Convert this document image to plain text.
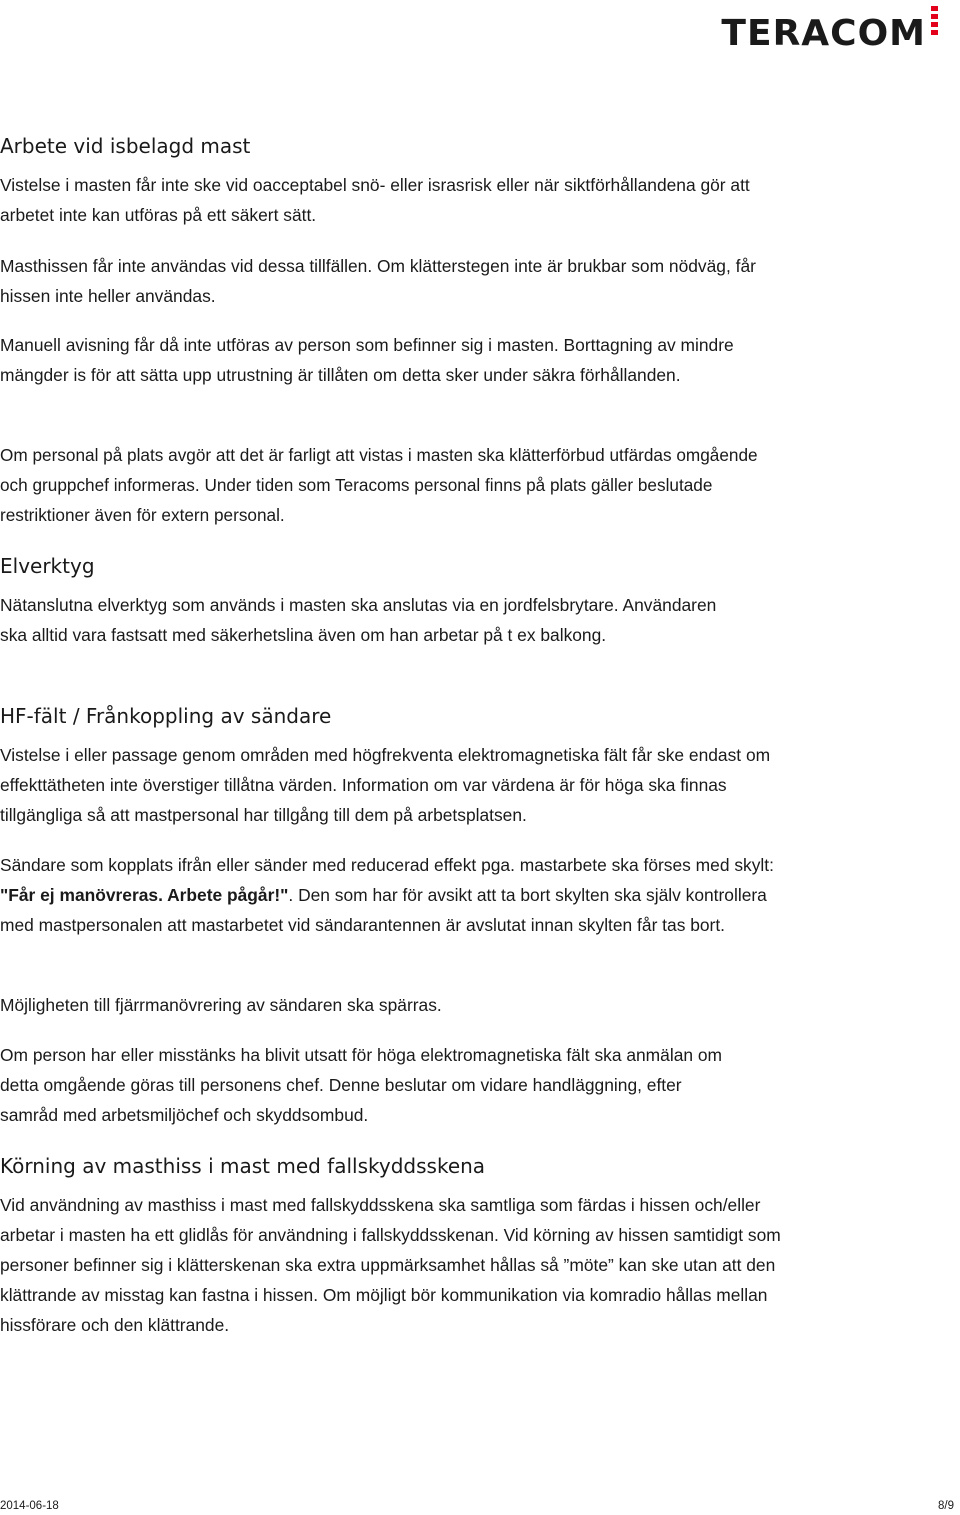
TERACOM
Arbete vid isbelagd mast

Vistelse i masten får inte ske vid oacceptabel snö- eller israsrisk eller när siktförhållandena gör att arbetet inte kan utföras på ett säkert sätt.

Masthissen får inte användas vid dessa tillfällen. Om klätterstegen inte är brukbar som nödväg, får hissen inte heller användas.

Manuell avisning får då inte utföras av person som befinner sig i masten. Borttagning av mindre mängder is för att sätta upp utrustning är tillåten om detta sker under säkra förhållanden.

Om personal på plats avgör att det är farligt att vistas i masten ska klätterförbud utfärdas omgående och gruppchef informeras. Under tiden som Teracoms personal finns på plats gäller beslutade restriktioner även för extern personal.

Elverktyg

Nätanslutna elverktyg som används i masten ska anslutas via en jordfelsbrytare. Användaren ska alltid vara fastsatt med säkerhetslina även om han arbetar på t ex balkong.

HF-fält / Frånkoppling av sändare

Vistelse i eller passage genom områden med högfrekventa elektromagnetiska fält får ske endast om effekttätheten inte överstiger tillåtna värden. Information om var värdena är för höga ska finnas tillgängliga så att mastpersonal har tillgång till dem på arbetsplatsen.

Sändare som kopplats ifrån eller sänder med reducerad effekt pga. mastarbete ska förses med skylt: "Får ej manövreras. Arbete pågår!". Den som har för avsikt att ta bort skylten ska själv kontrollera med mastpersonalen att mastarbetet vid sändarantennen är avslutat innan skylten får tas bort.

Möjligheten till fjärrmanövrering av sändaren ska spärras.

Om person har eller misstänks ha blivit utsatt för höga elektromagnetiska fält ska anmälan om detta omgående göras till personens chef. Denne beslutar om vidare handläggning, efter samråd med arbetsmiljöchef och skyddsombud.

Körning av masthiss i mast med fallskyddsskena

Vid användning av masthiss i mast med fallskyddsskena ska samtliga som färdas i hissen och/eller arbetar i masten ha ett glidlås för användning i fallskyddsskenan. Vid körning av hissen samtidigt som personer befinner sig i klätterskenan ska extra uppmärksamhet hållas så ”möte” kan ske utan att den klättrande av misstag kan fastna i hissen. Om möjligt bör kommunikation via komradio hållas mellan hissförare och den klättrande.

2014-06-18	8/9
